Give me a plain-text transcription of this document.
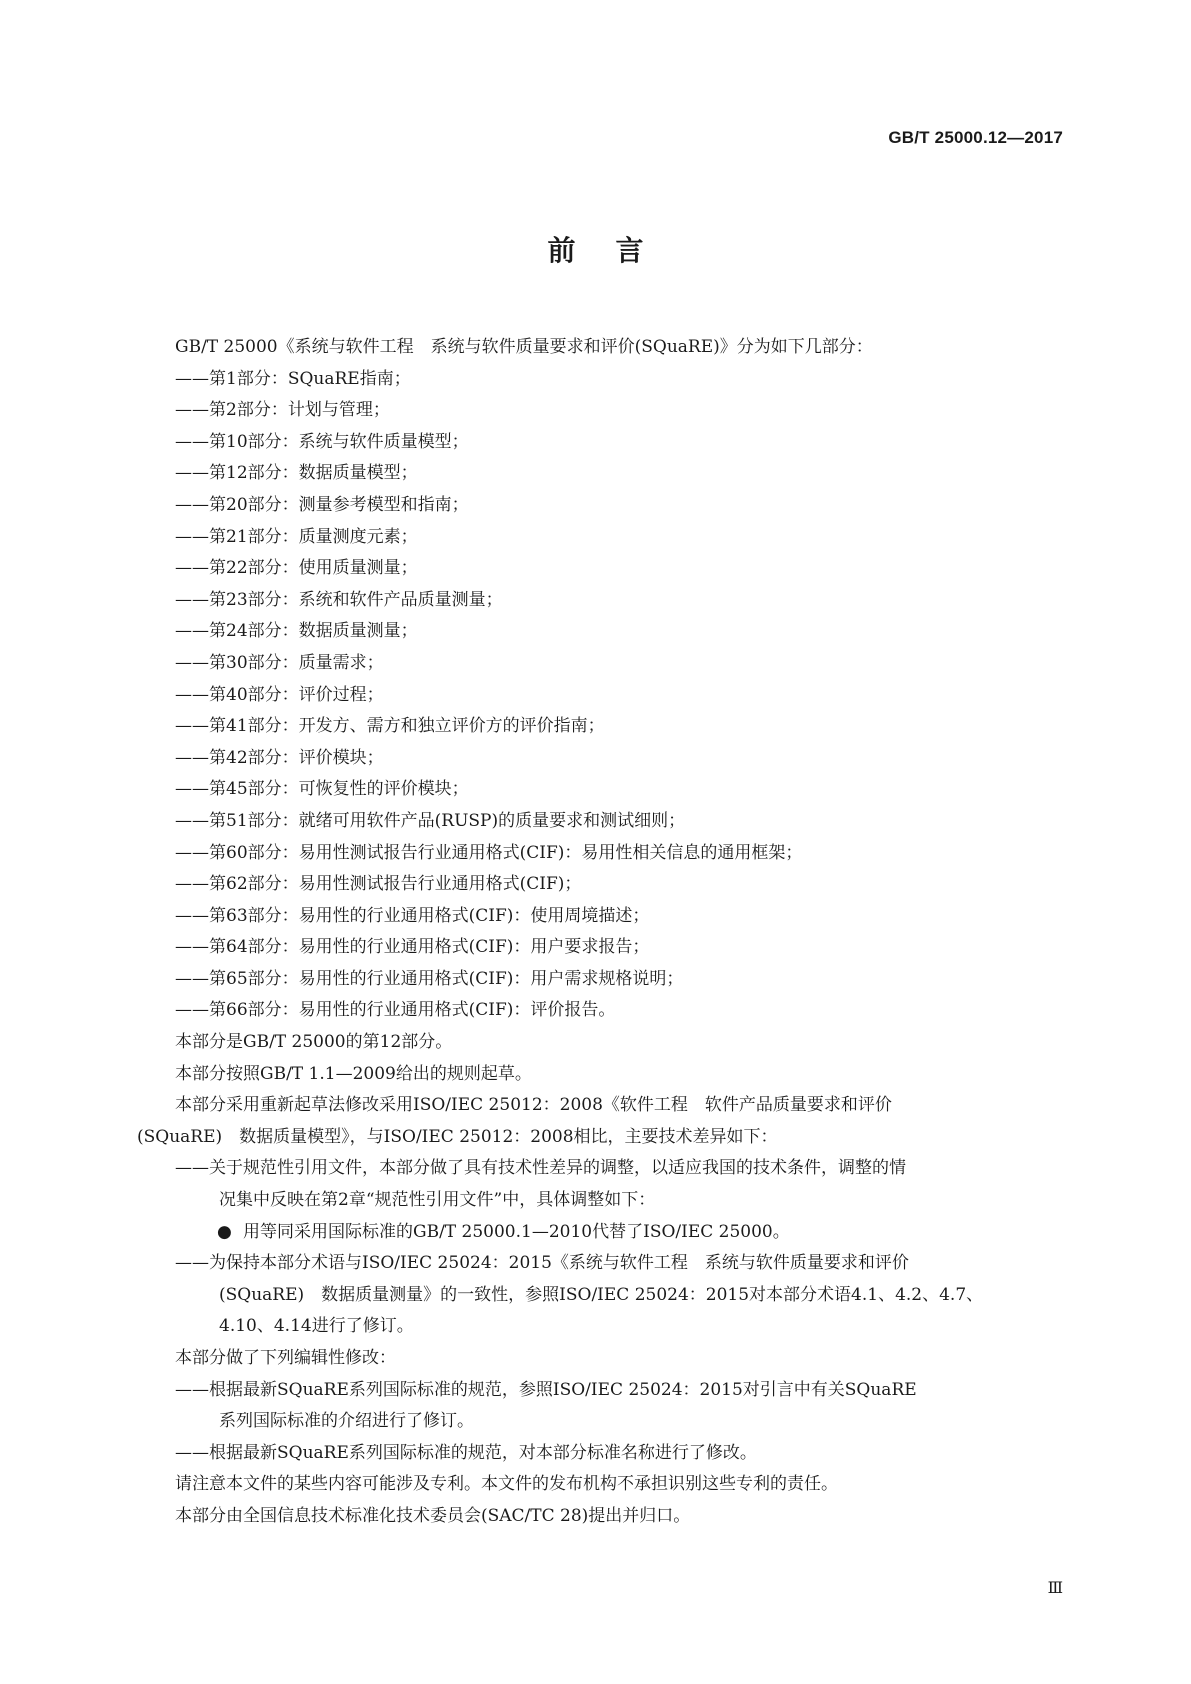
GB/T 25000.12—2017
前言
GB/T 25000《系统与软件工程　系统与软件质量要求和评价(SQuaRE)》分为如下几部分：
——第1部分：SQuaRE指南；
——第2部分：计划与管理；
——第10部分：系统与软件质量模型；
——第12部分：数据质量模型；
——第20部分：测量参考模型和指南；
——第21部分：质量测度元素；
——第22部分：使用质量测量；
——第23部分：系统和软件产品质量测量；
——第24部分：数据质量测量；
——第30部分：质量需求；
——第40部分：评价过程；
——第41部分：开发方、需方和独立评价方的评价指南；
——第42部分：评价模块；
——第45部分：可恢复性的评价模块；
——第51部分：就绪可用软件产品(RUSP)的质量要求和测试细则；
——第60部分：易用性测试报告行业通用格式(CIF)：易用性相关信息的通用框架；
——第62部分：易用性测试报告行业通用格式(CIF)；
——第63部分：易用性的行业通用格式(CIF)：使用周境描述；
——第64部分：易用性的行业通用格式(CIF)：用户要求报告；
——第65部分：易用性的行业通用格式(CIF)：用户需求规格说明；
——第66部分：易用性的行业通用格式(CIF)：评价报告。
本部分是GB/T 25000的第12部分。
本部分按照GB/T 1.1—2009给出的规则起草。
本部分采用重新起草法修改采用ISO/IEC 25012：2008《软件工程　软件产品质量要求和评价
(SQuaRE)　数据质量模型》，与ISO/IEC 25012：2008相比，主要技术差异如下：
——关于规范性引用文件，本部分做了具有技术性差异的调整，以适应我国的技术条件，调整的情
况集中反映在第2章“规范性引用文件”中，具体调整如下：
● 用等同采用国际标准的GB/T 25000.1—2010代替了ISO/IEC 25000。
——为保持本部分术语与ISO/IEC 25024：2015《系统与软件工程　系统与软件质量要求和评价
(SQuaRE)　数据质量测量》的一致性，参照ISO/IEC 25024：2015对本部分术语4.1、4.2、4.7、
4.10、4.14进行了修订。
本部分做了下列编辑性修改：
——根据最新SQuaRE系列国际标准的规范，参照ISO/IEC 25024：2015对引言中有关SQuaRE
系列国际标准的介绍进行了修订。
——根据最新SQuaRE系列国际标准的规范，对本部分标准名称进行了修改。
请注意本文件的某些内容可能涉及专利。本文件的发布机构不承担识别这些专利的责任。
本部分由全国信息技术标准化技术委员会(SAC/TC 28)提出并归口。
Ⅲ
